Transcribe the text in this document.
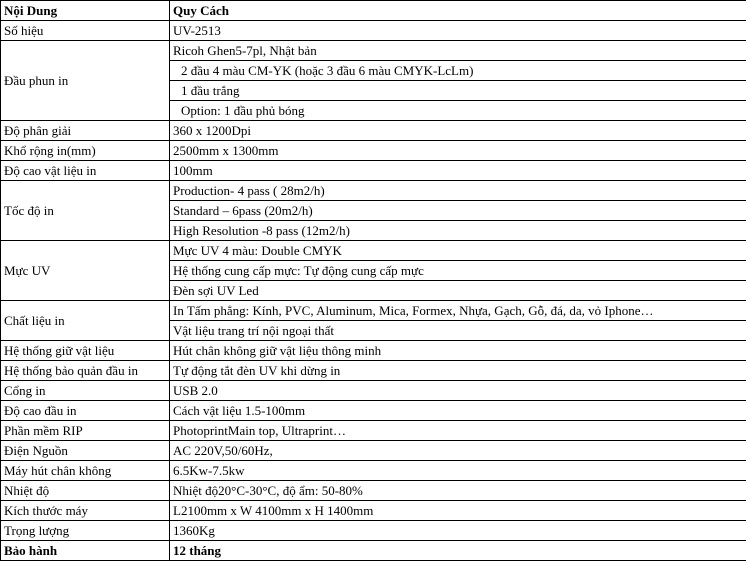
Nội Dung	Quy Cách
Số hiệu	UV-2513
Đầu phun in	Ricoh Ghen5-7pl, Nhật bản
	2 đầu 4 màu CM-YK (hoặc 3 đầu 6 màu CMYK-LcLm)
	1 đầu trắng
	Option: 1 đầu phủ bóng
Độ phân giải	360 x 1200Dpi
Khổ rộng in(mm)	2500mm x 1300mm
Độ cao vật liệu in	100mm
Tốc độ in	Production- 4 pass ( 28m2/h)
	Standard – 6pass (20m2/h)
	High Resolution -8 pass (12m2/h)
Mực UV	Mực UV 4 màu: Double CMYK
	Hệ thống cung cấp mực: Tự động cung cấp mực
	Đèn sợi UV Led
Chất liệu in	In Tấm phẳng: Kính, PVC, Aluminum, Mica, Formex, Nhựa, Gạch, Gỗ, đá, da, vỏ Iphone…
	Vật liệu trang trí nội ngoại thất
Hệ thống giữ vật liệu	Hút chân không giữ vật liệu thông minh
Hệ thống bảo quản đầu in	Tự động tắt đèn UV khi dừng in
Cổng in	USB 2.0
Độ cao đầu in	Cách vật liệu 1.5-100mm
Phần mềm RIP	PhotoprintMain top, Ultraprint…
Điện Nguồn	AC 220V,50/60Hz,
Máy hút chân không	6.5Kw-7.5kw
Nhiệt độ	Nhiệt độ20°C-30°C, độ ẩm: 50-80%
Kích thước máy	L2100mm x W 4100mm x H 1400mm
Trọng lượng	1360Kg
Bảo hành	12 tháng
